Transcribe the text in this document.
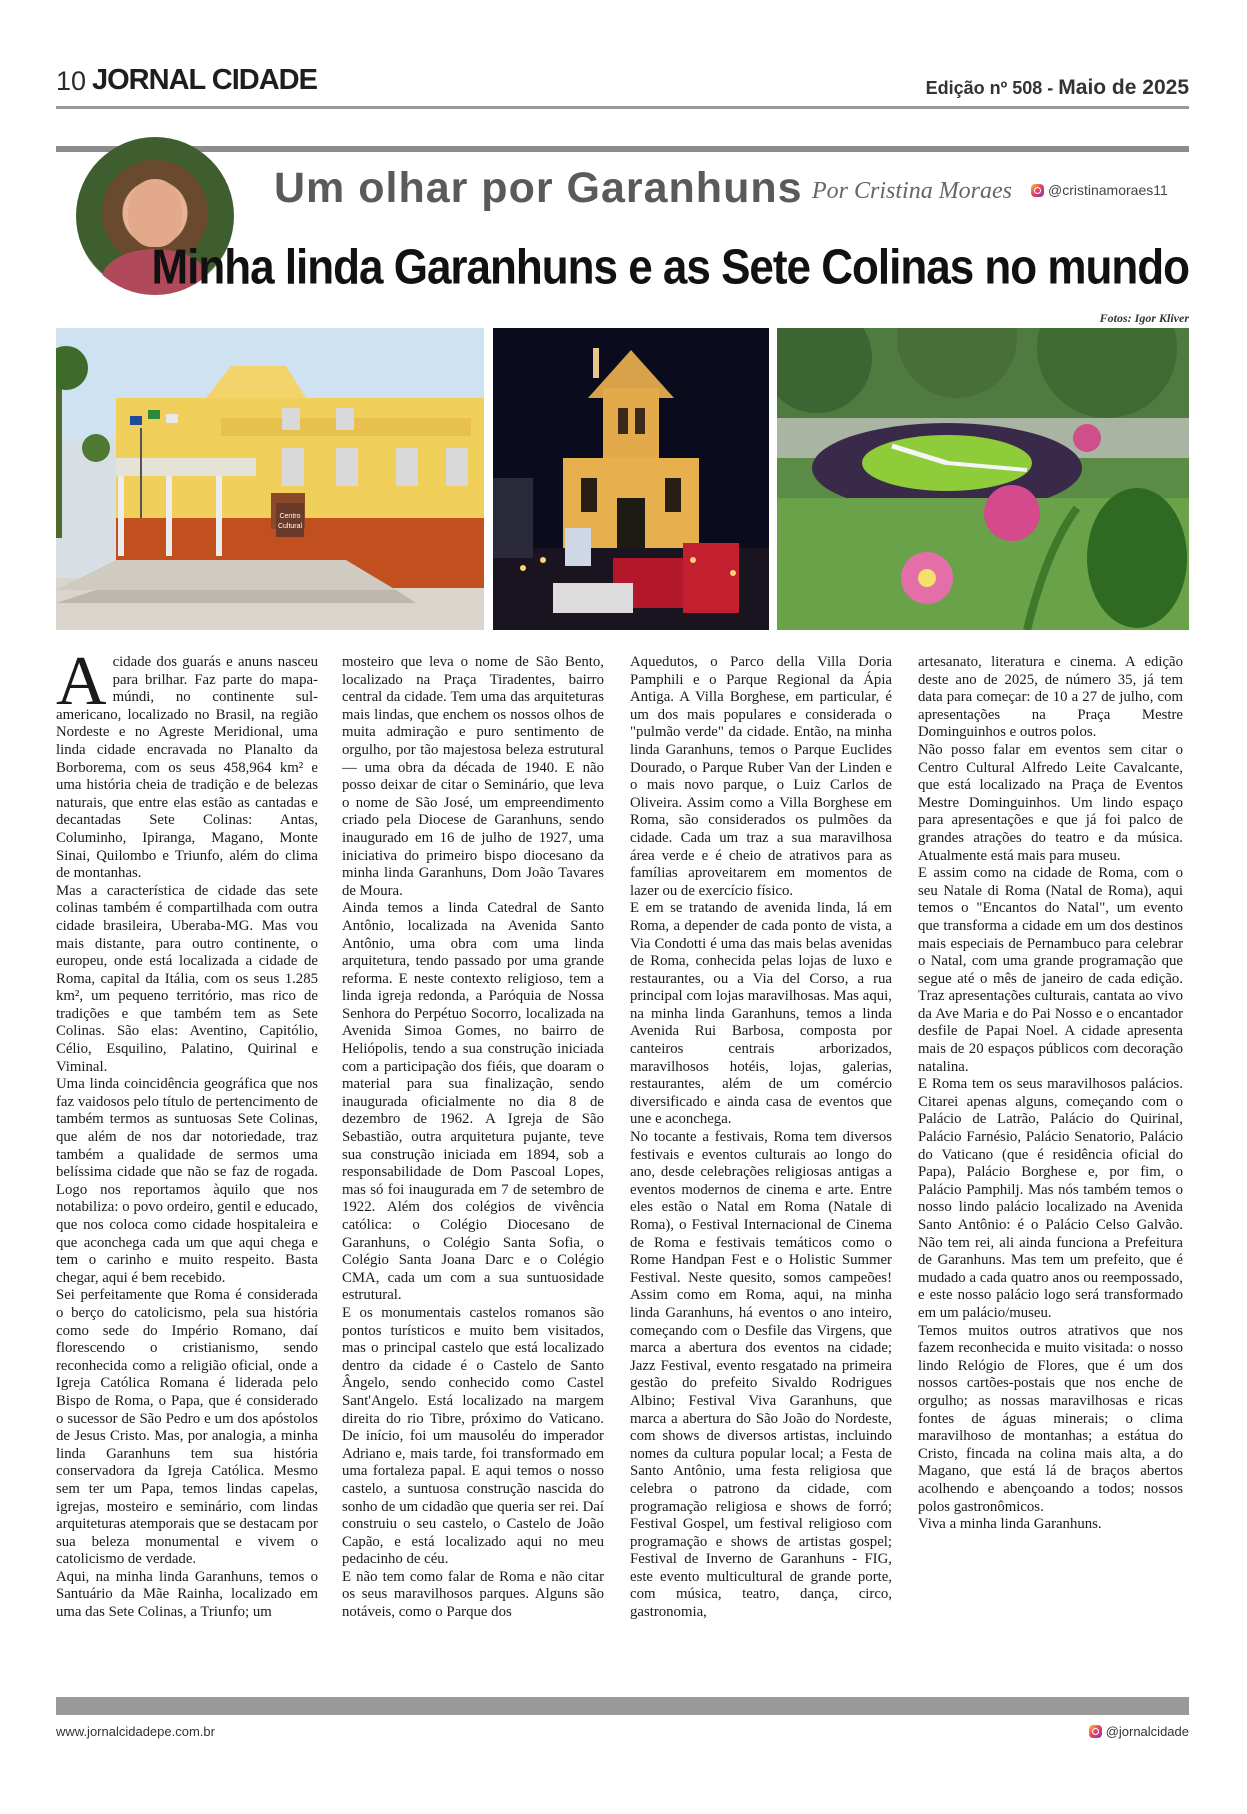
10 JORNAL CIDADE	Edição nº 508 - Maio de 2025
Um olhar por Garanhuns Por Cristina Moraes	@cristinamoraes11
Minha linda Garanhuns e as Sete Colinas no mundo
Fotos: Igor Kliver
Centro
Cultural

Acidade dos guarás e anuns nasceu para brilhar. Faz parte do mapa-múndi, no continente sul-americano, localizado no Brasil, na região Nordeste e no Agreste Meridional, uma linda cidade encravada no Planalto da Borborema, com os seus 458,964 km² e uma história cheia de tradição e de belezas naturais, que entre elas estão as cantadas e decantadas Sete Colinas: Antas, Columinho, Ipiranga, Magano, Monte Sinai, Quilombo e Triunfo, além do clima de montanhas.

Mas a característica de cidade das sete colinas também é compartilhada com outra cidade brasileira, Uberaba-MG. Mas vou mais distante, para outro continente, o europeu, onde está localizada a cidade de Roma, capital da Itália, com os seus 1.285 km², um pequeno território, mas rico de tradições e que também tem as Sete Colinas. São elas: Aventino, Capitólio, Célio, Esquilino, Palatino, Quirinal e Viminal.

Uma linda coincidência geográfica que nos faz vaidosos pelo título de pertencimento de também termos as suntuosas Sete Colinas, que além de nos dar notoriedade, traz também a qualidade de sermos uma belíssima cidade que não se faz de rogada. Logo nos reportamos àquilo que nos notabiliza: o povo ordeiro, gentil e educado, que nos coloca como cidade hospitaleira e que aconchega cada um que aqui chega e tem o carinho e muito respeito. Basta chegar, aqui é bem recebido.

Sei perfeitamente que Roma é considerada o berço do catolicismo, pela sua história como sede do Império Romano, daí florescendo o cristianismo, sendo reconhecida como a religião oficial, onde a Igreja Católica Romana é liderada pelo Bispo de Roma, o Papa, que é considerado o sucessor de São Pedro e um dos apóstolos de Jesus Cristo. Mas, por analogia, a minha linda Garanhuns tem sua história conservadora da Igreja Católica. Mesmo sem ter um Papa, temos lindas capelas, igrejas, mosteiro e seminário, com lindas arquiteturas atemporais que se destacam por sua beleza monumental e vivem o catolicismo de verdade.

Aqui, na minha linda Garanhuns, temos o Santuário da Mãe Rainha, localizado em uma das Sete Colinas, a Triunfo; um

mosteiro que leva o nome de São Bento, localizado na Praça Tiradentes, bairro central da cidade. Tem uma das arquiteturas mais lindas, que enchem os nossos olhos de muita admiração e puro sentimento de orgulho, por tão majestosa beleza estrutural — uma obra da década de 1940. E não posso deixar de citar o Seminário, que leva o nome de São José, um empreendimento criado pela Diocese de Garanhuns, sendo inaugurado em 16 de julho de 1927, uma iniciativa do primeiro bispo diocesano da minha linda Garanhuns, Dom João Tavares de Moura.

Ainda temos a linda Catedral de Santo Antônio, localizada na Avenida Santo Antônio, uma obra com uma linda arquitetura, tendo passado por uma grande reforma. E neste contexto religioso, tem a linda igreja redonda, a Paróquia de Nossa Senhora do Perpétuo Socorro, localizada na Avenida Simoa Gomes, no bairro de Heliópolis, tendo a sua construção iniciada com a participação dos fiéis, que doaram o material para sua finalização, sendo inaugurada oficialmente no dia 8 de dezembro de 1962. A Igreja de São Sebastião, outra arquitetura pujante, teve sua construção iniciada em 1894, sob a responsabilidade de Dom Pascoal Lopes, mas só foi inaugurada em 7 de setembro de 1922. Além dos colégios de vivência católica: o Colégio Diocesano de Garanhuns, o Colégio Santa Sofia, o Colégio Santa Joana Darc e o Colégio CMA, cada um com a sua suntuosidade estrutural.

E os monumentais castelos romanos são pontos turísticos e muito bem visitados, mas o principal castelo que está localizado dentro da cidade é o Castelo de Santo Ângelo, sendo conhecido como Castel Sant'Angelo. Está localizado na margem direita do rio Tibre, próximo do Vaticano. De início, foi um mausoléu do imperador Adriano e, mais tarde, foi transformado em uma fortaleza papal. E aqui temos o nosso castelo, a suntuosa construção nascida do sonho de um cidadão que queria ser rei. Daí construiu o seu castelo, o Castelo de João Capão, e está localizado aqui no meu pedacinho de céu.

E não tem como falar de Roma e não citar os seus maravilhosos parques. Alguns são notáveis, como o Parque dos

Aquedutos, o Parco della Villa Doria Pamphili e o Parque Regional da Ápia Antiga. A Villa Borghese, em particular, é um dos mais populares e considerada o "pulmão verde" da cidade. Então, na minha linda Garanhuns, temos o Parque Euclides Dourado, o Parque Ruber Van der Linden e o mais novo parque, o Luiz Carlos de Oliveira. Assim como a Villa Borghese em Roma, são considerados os pulmões da cidade. Cada um traz a sua maravilhosa área verde e é cheio de atrativos para as famílias aproveitarem em momentos de lazer ou de exercício físico.

E em se tratando de avenida linda, lá em Roma, a depender de cada ponto de vista, a Via Condotti é uma das mais belas avenidas de Roma, conhecida pelas lojas de luxo e restaurantes, ou a Via del Corso, a rua principal com lojas maravilhosas. Mas aqui, na minha linda Garanhuns, temos a linda Avenida Rui Barbosa, composta por canteiros centrais arborizados, maravilhosos hotéis, lojas, galerias, restaurantes, além de um comércio diversificado e ainda casa de eventos que une e aconchega.

No tocante a festivais, Roma tem diversos festivais e eventos culturais ao longo do ano, desde celebrações religiosas antigas a eventos modernos de cinema e arte. Entre eles estão o Natal em Roma (Natale di Roma), o Festival Internacional de Cinema de Roma e festivais temáticos como o Rome Handpan Fest e o Holistic Summer Festival. Neste quesito, somos campeões! Assim como em Roma, aqui, na minha linda Garanhuns, há eventos o ano inteiro, começando com o Desfile das Virgens, que marca a abertura dos eventos na cidade; Jazz Festival, evento resgatado na primeira gestão do prefeito Sivaldo Rodrigues Albino; Festival Viva Garanhuns, que marca a abertura do São João do Nordeste, com shows de diversos artistas, incluindo nomes da cultura popular local; a Festa de Santo Antônio, uma festa religiosa que celebra o patrono da cidade, com programação religiosa e shows de forró; Festival Gospel, um festival religioso com programação e shows de artistas gospel; Festival de Inverno de Garanhuns - FIG, este evento multicultural de grande porte, com música, teatro, dança, circo, gastronomia,

artesanato, literatura e cinema. A edição deste ano de 2025, de número 35, já tem data para começar: de 10 a 27 de julho, com apresentações na Praça Mestre Dominguinhos e outros polos.

Não posso falar em eventos sem citar o Centro Cultural Alfredo Leite Cavalcante, que está localizado na Praça de Eventos Mestre Dominguinhos. Um lindo espaço para apresentações e que já foi palco de grandes atrações do teatro e da música. Atualmente está mais para museu.

E assim como na cidade de Roma, com o seu Natale di Roma (Natal de Roma), aqui temos o "Encantos do Natal", um evento que transforma a cidade em um dos destinos mais especiais de Pernambuco para celebrar o Natal, com uma grande programação que segue até o mês de janeiro de cada edição. Traz apresentações culturais, cantata ao vivo da Ave Maria e do Pai Nosso e o encantador desfile de Papai Noel. A cidade apresenta mais de 20 espaços públicos com decoração natalina.

E Roma tem os seus maravilhosos palácios. Citarei apenas alguns, começando com o Palácio de Latrão, Palácio do Quirinal, Palácio Farnésio, Palácio Senatorio, Palácio do Vaticano (que é residência oficial do Papa), Palácio Borghese e, por fim, o Palácio Pamphilj. Mas nós também temos o nosso lindo palácio localizado na Avenida Santo Antônio: é o Palácio Celso Galvão. Não tem rei, ali ainda funciona a Prefeitura de Garanhuns. Mas tem um prefeito, que é mudado a cada quatro anos ou reempossado, e este nosso palácio logo será transformado em um palácio/museu.

Temos muitos outros atrativos que nos fazem reconhecida e muito visitada: o nosso lindo Relógio de Flores, que é um dos nossos cartões-postais que nos enche de orgulho; as nossas maravilhosas e ricas fontes de águas minerais; o clima maravilhoso de montanhas; a estátua do Cristo, fincada na colina mais alta, a do Magano, que está lá de braços abertos acolhendo e abençoando a todos; nossos polos gastronômicos.

Viva a minha linda Garanhuns.

www.jornalcidadepe.com.br	@jornalcidade
